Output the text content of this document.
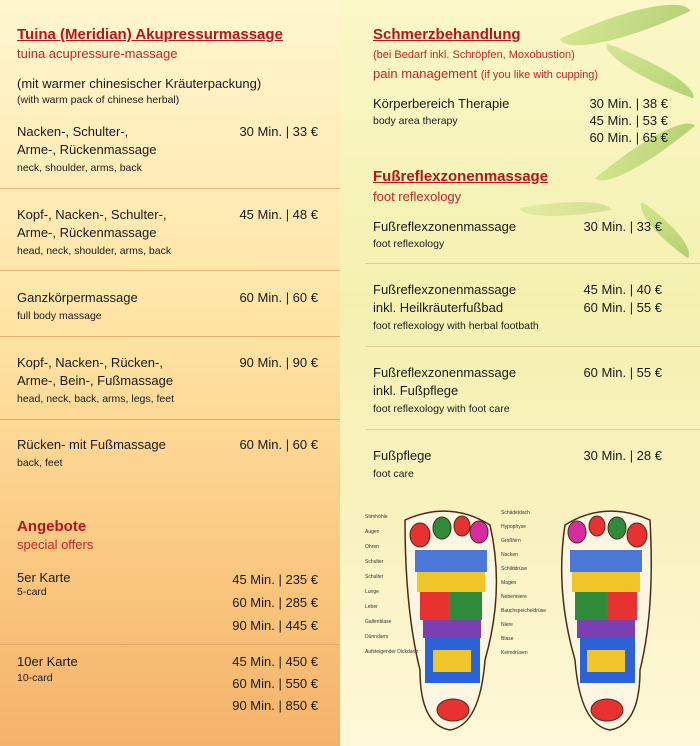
Tuina (Meridian) Akupressurmassage
tuina acupressure-massage
(mit warmer chinesischer Kräuterpackung)
(with warm pack of chinese herbal)
Nacken-, Schulter-,
Arme-, Rückenmassage
neck, shoulder, arms, back
30 Min. | 33 €
Kopf-, Nacken-, Schulter-,
Arme-, Rückenmassage
head, neck, shoulder, arms, back
45 Min. | 48 €
Ganzkörpermassage
full body massage
60 Min. | 60 €
Kopf-, Nacken-, Rücken-,
Arme-, Bein-, Fußmassage
head, neck, back, arms, legs, feet
90 Min. | 90 €
Rücken- mit Fußmassage
back, feet
60 Min. | 60 €
Angebote
special offers
5er Karte
5-card
45 Min. | 235 €
60 Min. | 285 €
90 Min. | 445 €
10er Karte
10-card
45 Min. | 450 €
60 Min. | 550 €
90 Min. | 850 €
Schmerzbehandlung
(bei Bedarf inkl. Schröpfen, Moxobustion)
pain management (if you like with cupping)
Körperbereich Therapie
body area therapy
30 Min. | 38 €
45 Min. | 53 €
60 Min. | 65 €
Fußreflexzonenmassage
foot reflexology
Fußreflexzonenmassage
foot reflexology
30 Min. | 33 €
Fußreflexzonenmassage
inkl. Heilkräuterfußbad
foot reflexology with herbal footbath
45 Min. | 40 €
60 Min. | 55 €
Fußreflexzonenmassage
inkl. Fußpflege
foot reflexology with foot care
60 Min. | 55 €
Fußpflege
foot care
30 Min. | 28 €
Stirnhöhle
Augen
Ohren
Schulter
Schulter
Lunge
Leber
Gallenblase
Dünndarm
Aufsteigender Dickdarm
Schädeldach
Hypophyse
Großhirn
Nacken
Schilddrüse
Magen
Nebenniere
Bauchspeicheldrüse
Niere
Blase
Keimdrüsen
